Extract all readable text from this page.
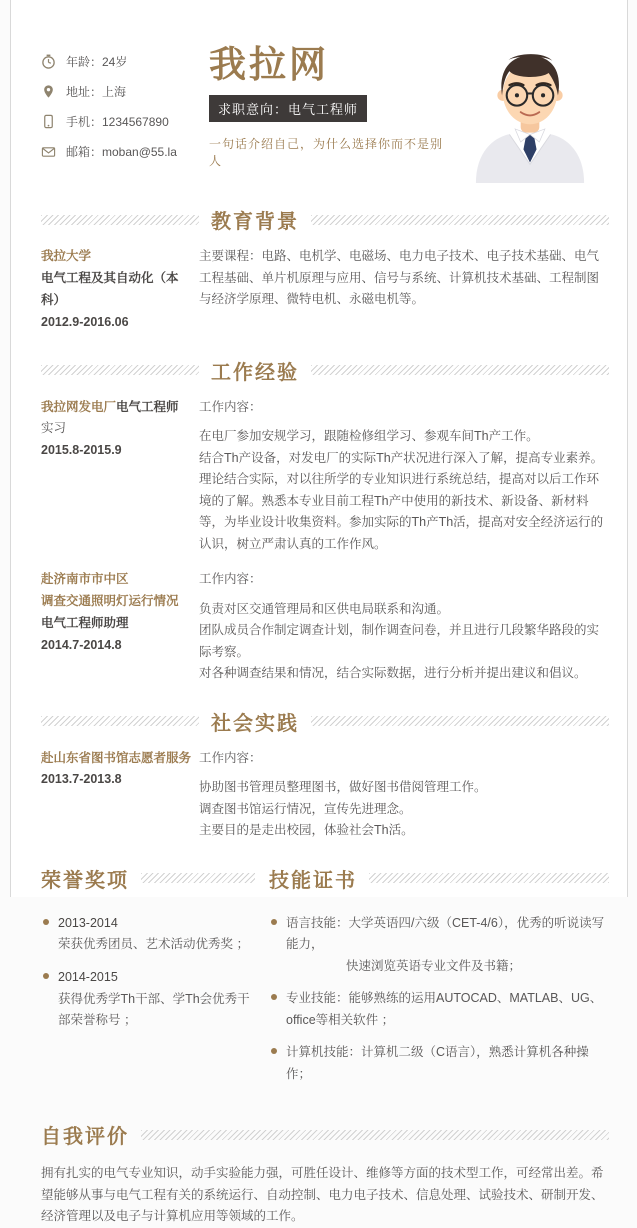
年龄：24岁
地址：上海
手机：1234567890
邮箱：moban@55.la
我拉网
求职意向：电气工程师
一句话介绍自己，为什么选择你而不是别人
教育背景
我拉大学
电气工程及其自动化（本科）
2012.9-2016.06
主要课程：电路、电机学、电磁场、电力电子技术、电子技术基础、电气工程基础、单片机原理与应用、信号与系统、计算机技术基础、工程制图与经济学原理、微特电机、永磁电机等。
工作经验
我拉网发电厂电气工程师
实习
2015.8-2015.9
工作内容：
在电厂参加安规学习，跟随检修组学习、参观车间Th产工作。
结合Th产设备，对发电厂的实际Th产状况进行深入了解，提高专业素养。
理论结合实际，对以往所学的专业知识进行系统总结，提高对以后工作环境的了解。熟悉本专业目前工程Th产中使用的新技术、新设备、新材料等，为毕业设计收集资料。参加实际的Th产Th活，提高对安全经济运行的认识，树立严肃认真的工作作风。
赴济南市市中区
调查交通照明灯运行情况
电气工程师助理
2014.7-2014.8
工作内容：
负责对区交通管理局和区供电局联系和沟通。
团队成员合作制定调查计划，制作调查问卷，并且进行几段繁华路段的实际考察。
对各种调查结果和情况，结合实际数据，进行分析并提出建议和倡议。
社会实践
赴山东省图书馆志愿者服务
2013.7-2013.8
工作内容：
协助图书管理员整理图书，做好图书借阅管理工作。
调查图书馆运行情况，宣传先进理念。
主要目的是走出校园，体验社会Th活。
荣誉奖项
2013-2014
荣获优秀团员、艺术活动优秀奖 ；
2014-2015
获得优秀学Th干部、学Th会优秀干部荣誉称号 ；
技能证书
语言技能：大学英语四/六级（CET-4/6），优秀的听说读写能力，
快速浏览英语专业文件及书籍；
专业技能：能够熟练的运用AUTOCAD、MATLAB、UG、office等相关软件 ；
计算机技能：计算机二级（C语言），熟悉计算机各种操作；
自我评价
拥有扎实的电气专业知识，动手实验能力强，可胜任设计、维修等方面的技术型工作，可经常出差。希望能够从事与电气工程有关的系统运行、自动控制、电力电子技术、信息处理、试验技术、研制开发、经济管理以及电子与计算机应用等领域的工作。
